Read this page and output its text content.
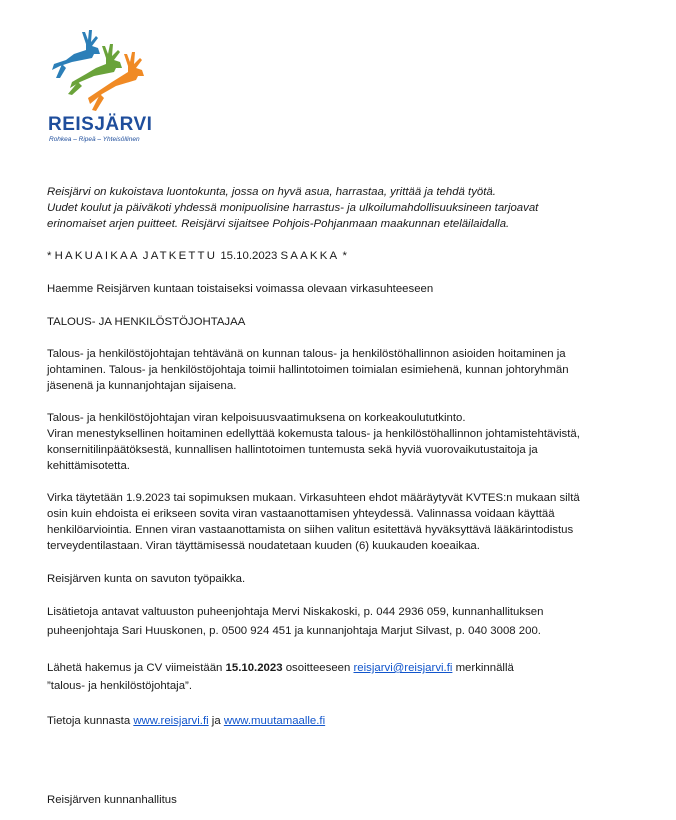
REISJÄRVI
Rohkea – Ripeä – Yhteisöllinen
Reisjärvi on kukoistava luontokunta, jossa on hyvä asua, harrastaa, yrittää ja tehdä työtä.
Uudet koulut ja päiväkoti yhdessä monipuolisine harrastus- ja ulkoilumahdollisuuksineen tarjoavat
erinomaiset arjen puitteet. Reisjärvi sijaitsee Pohjois-Pohjanmaan maakunnan eteläilaidalla.
* HAKUAIKAA JATKETTU 15.10.2023 SAAKKA *
Haemme Reisjärven kuntaan toistaiseksi voimassa olevaan virkasuhteeseen
TALOUS- JA HENKILÖSTÖJOHTAJAA
Talous- ja henkilöstöjohtajan tehtävänä on kunnan talous- ja henkilöstöhallinnon asioiden hoitaminen ja
johtaminen. Talous- ja henkilöstöjohtaja toimii hallintotoimen toimialan esimiehenä, kunnan johtoryhmän
jäsenenä ja kunnanjohtajan sijaisena.
Talous- ja henkilöstöjohtajan viran kelpoisuusvaatimuksena on korkeakoulututkinto.
Viran menestyksellinen hoitaminen edellyttää kokemusta talous- ja henkilöstöhallinnon johtamistehtävistä,
konsernitilinpäätöksestä, kunnallisen hallintotoimen tuntemusta sekä hyviä vuorovaikutustaitoja ja
kehittämisotetta.
Virka täytetään 1.9.2023 tai sopimuksen mukaan. Virkasuhteen ehdot määräytyvät KVTES:n mukaan siltä
osin kuin ehdoista ei erikseen sovita viran vastaanottamisen yhteydessä. Valinnassa voidaan käyttää
henkilöarviointia. Ennen viran vastaanottamista on siihen valitun esitettävä hyväksyttävä lääkärintodistus
terveydentilastaan. Viran täyttämisessä noudatetaan kuuden (6) kuukauden koeaikaa.
Reisjärven kunta on savuton työpaikka.
Lisätietoja antavat valtuuston puheenjohtaja Mervi Niskakoski, p. 044 2936 059, kunnanhallituksen
puheenjohtaja Sari Huuskonen, p. 0500 924 451 ja kunnanjohtaja Marjut Silvast, p. 040 3008 200.
Lähetä hakemus ja CV viimeistään 15.10.2023 osoitteeseen reisjarvi@reisjarvi.fi merkinnällä
”talous- ja henkilöstöjohtaja”.
Tietoja kunnasta www.reisjarvi.fi ja www.muutamaalle.fi
Reisjärven kunnanhallitus
